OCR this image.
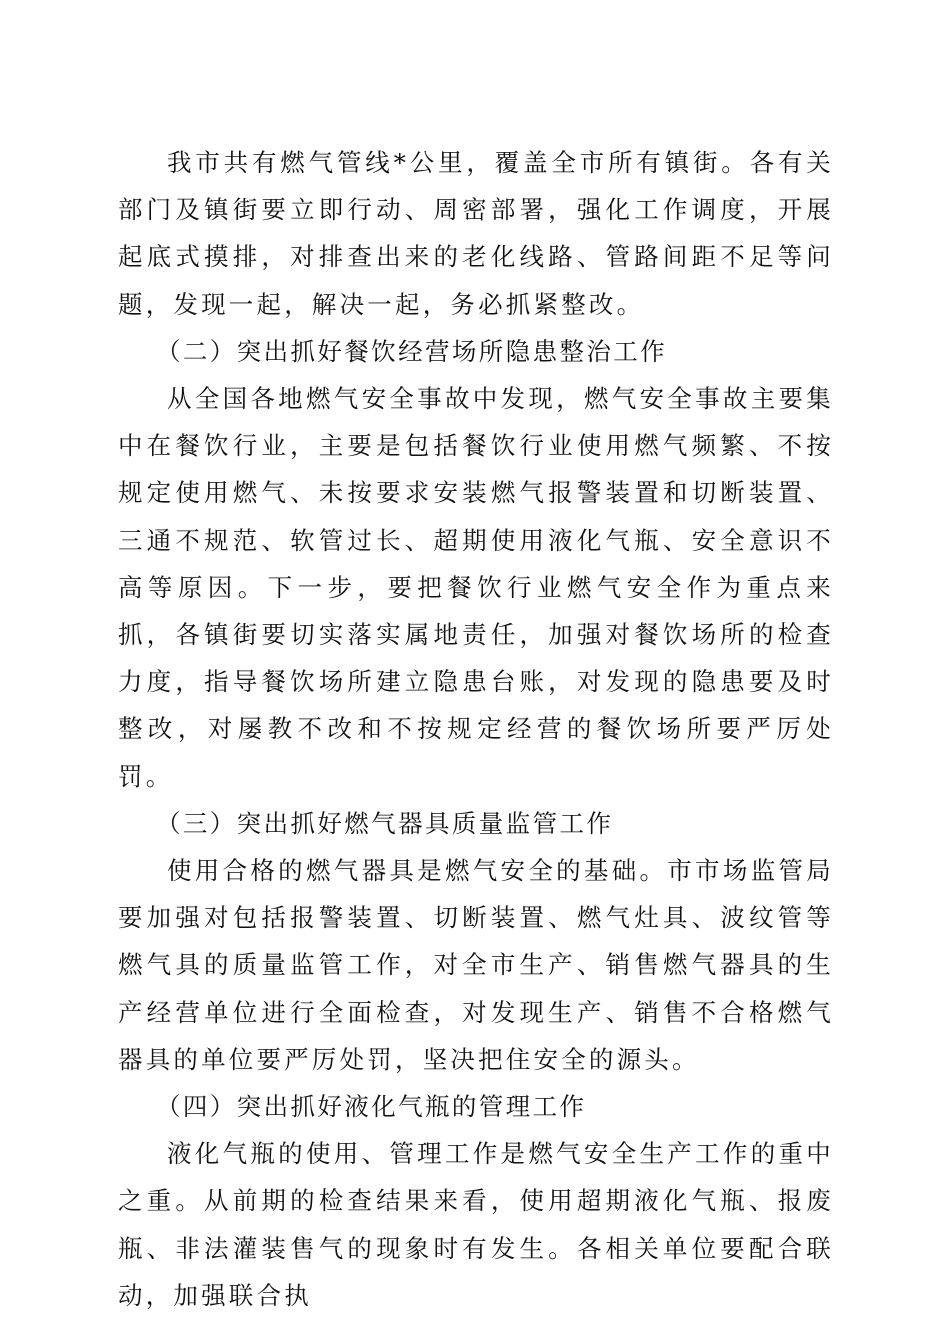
我市共有燃气管线*公里，覆盖全市所有镇街。各有关部门及镇街要立即行动、周密部署，强化工作调度，开展起底式摸排，对排查出来的老化线路、管路间距不足等问题，发现一起，解决一起，务必抓紧整改。

（二）突出抓好餐饮经营场所隐患整治工作

从全国各地燃气安全事故中发现，燃气安全事故主要集中在餐饮行业，主要是包括餐饮行业使用燃气频繁、不按规定使用燃气、未按要求安装燃气报警装置和切断装置、三通不规范、软管过长、超期使用液化气瓶、安全意识不高等原因。下一步，要把餐饮行业燃气安全作为重点来抓，各镇街要切实落实属地责任，加强对餐饮场所的检查力度，指导餐饮场所建立隐患台账，对发现的隐患要及时整改，对屡教不改和不按规定经营的餐饮场所要严厉处罚。

（三）突出抓好燃气器具质量监管工作

使用合格的燃气器具是燃气安全的基础。市市场监管局要加强对包括报警装置、切断装置、燃气灶具、波纹管等燃气具的质量监管工作，对全市生产、销售燃气器具的生产经营单位进行全面检查，对发现生产、销售不合格燃气器具的单位要严厉处罚，坚决把住安全的源头。

（四）突出抓好液化气瓶的管理工作

液化气瓶的使用、管理工作是燃气安全生产工作的重中之重。从前期的检查结果来看，使用超期液化气瓶、报废瓶、非法灌装售气的现象时有发生。各相关单位要配合联动，加强联合执
